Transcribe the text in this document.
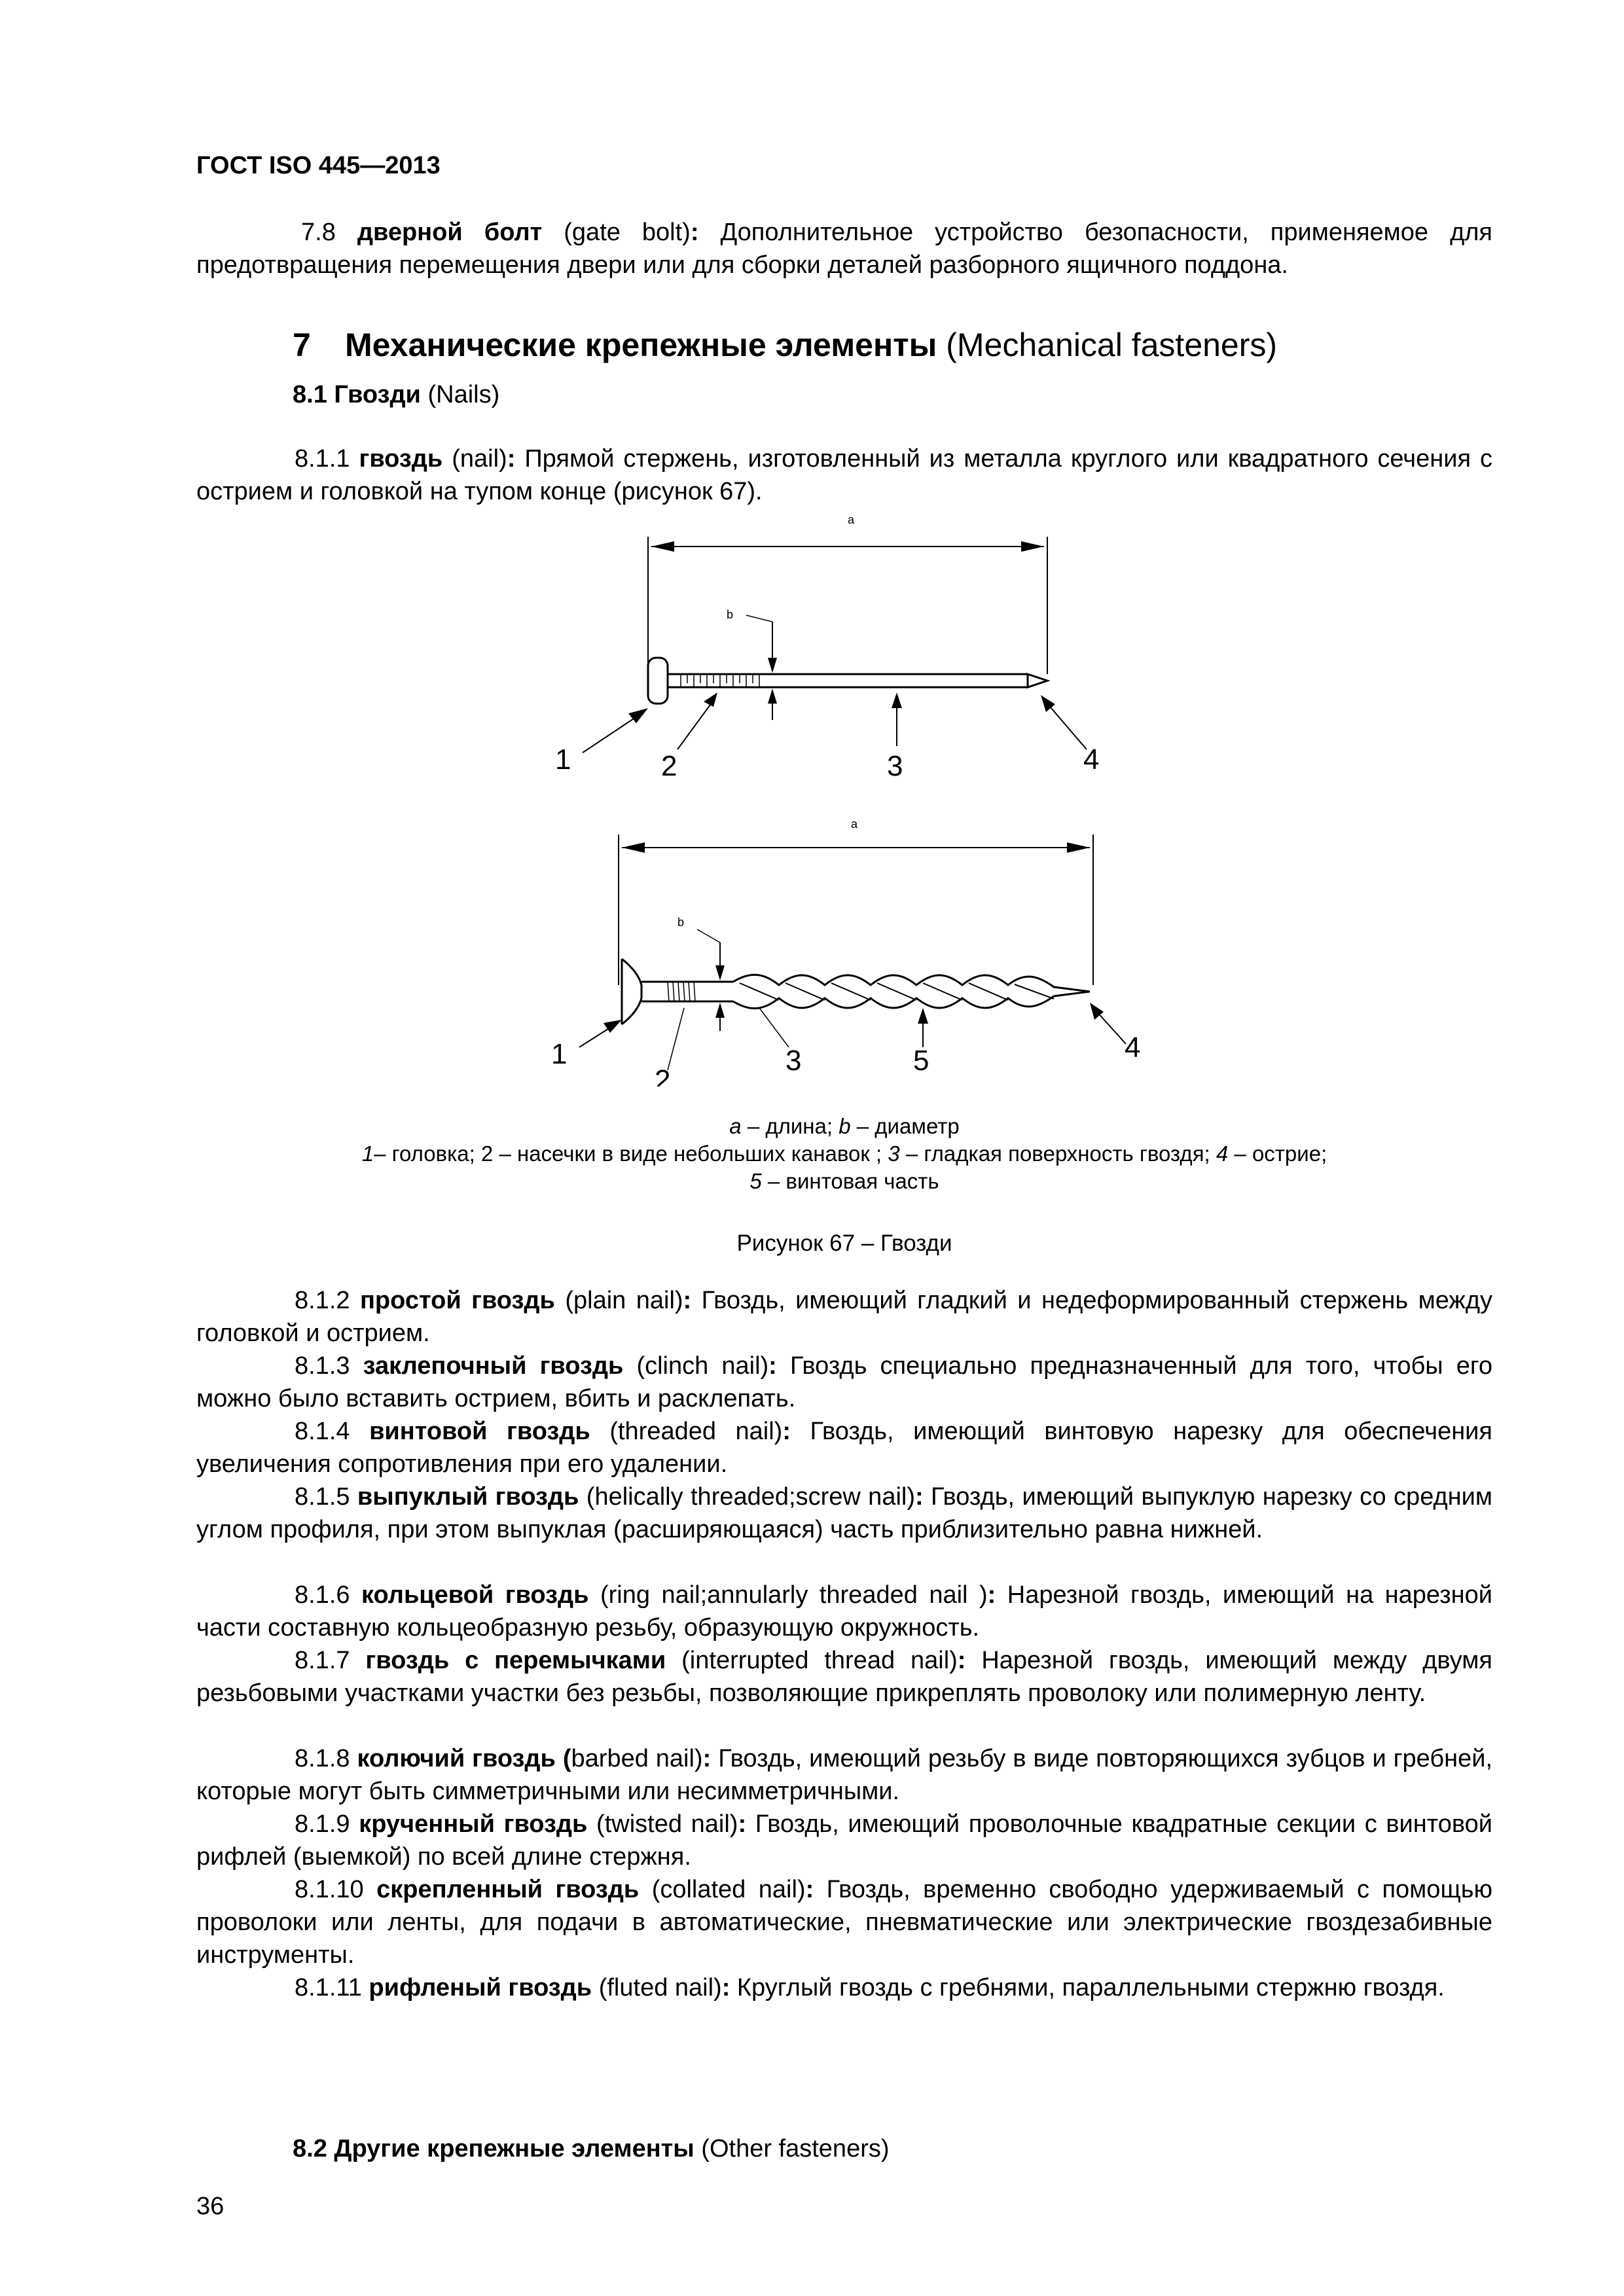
ГОСТ ISO 445—2013
7.8 дверной болт (gate bolt): Дополнительное устройство безопасности, применяемое для предотвращения перемещения двери или для сборки деталей разборного ящичного поддона.
7 Механические крепежные элементы (Mechanical fasteners)
8.1 Гвозди (Nails)
8.1.1 гвоздь (nail): Прямой стержень, изготовленный из металла круглого или квадратного сечения с острием и головкой на тупом конце (рисунок 67).
a
b
1	2	3	4
a
b
1
2
3	5	4
a – длина; b – диаметр
1– головка; 2 – насечки в виде небольших канавок ; 3 – гладкая поверхность гвоздя; 4 – острие;
5 – винтовая часть
Рисунок 67 – Гвозди
8.1.2 простой гвоздь (plain nail): Гвоздь, имеющий гладкий и недеформированный стержень между головкой и острием.
8.1.3 заклепочный гвоздь (clinch nail): Гвоздь специально предназначенный для того, чтобы его можно было вставить острием, вбить и расклепать.
8.1.4 винтовой гвоздь (threaded nail): Гвоздь, имеющий винтовую нарезку для обеспечения увеличения сопротивления при его удалении.
8.1.5 выпуклый гвоздь (helically threaded;screw nail): Гвоздь, имеющий выпуклую нарезку со средним углом профиля, при этом выпуклая (расширяющаяся) часть приблизительно равна нижней.
8.1.6 кольцевой гвоздь (ring nail;annularly threaded nail ): Нарезной гвоздь, имеющий на нарезной части составную кольцеобразную резьбу, образующую окружность.
8.1.7 гвоздь с перемычками (interrupted thread nail): Нарезной гвоздь, имеющий между двумя резьбовыми участками участки без резьбы, позволяющие прикреплять проволоку или полимерную ленту.
8.1.8 колючий гвоздь (barbed nail): Гвоздь, имеющий резьбу в виде повторяющихся зубцов и гребней, которые могут быть симметричными или несимметричными.
8.1.9 крученный гвоздь (twisted nail): Гвоздь, имеющий проволочные квадратные секции с винтовой рифлей (выемкой) по всей длине стержня.
8.1.10 скрепленный гвоздь (collated nail): Гвоздь, временно свободно удерживаемый с помощью проволоки или ленты, для подачи в автоматические, пневматические или электрические гвоздезабивные инструменты.
8.1.11 рифленый гвоздь (fluted nail): Круглый гвоздь с гребнями, параллельными стержню гвоздя.
8.2 Другие крепежные элементы (Other fasteners)
36
